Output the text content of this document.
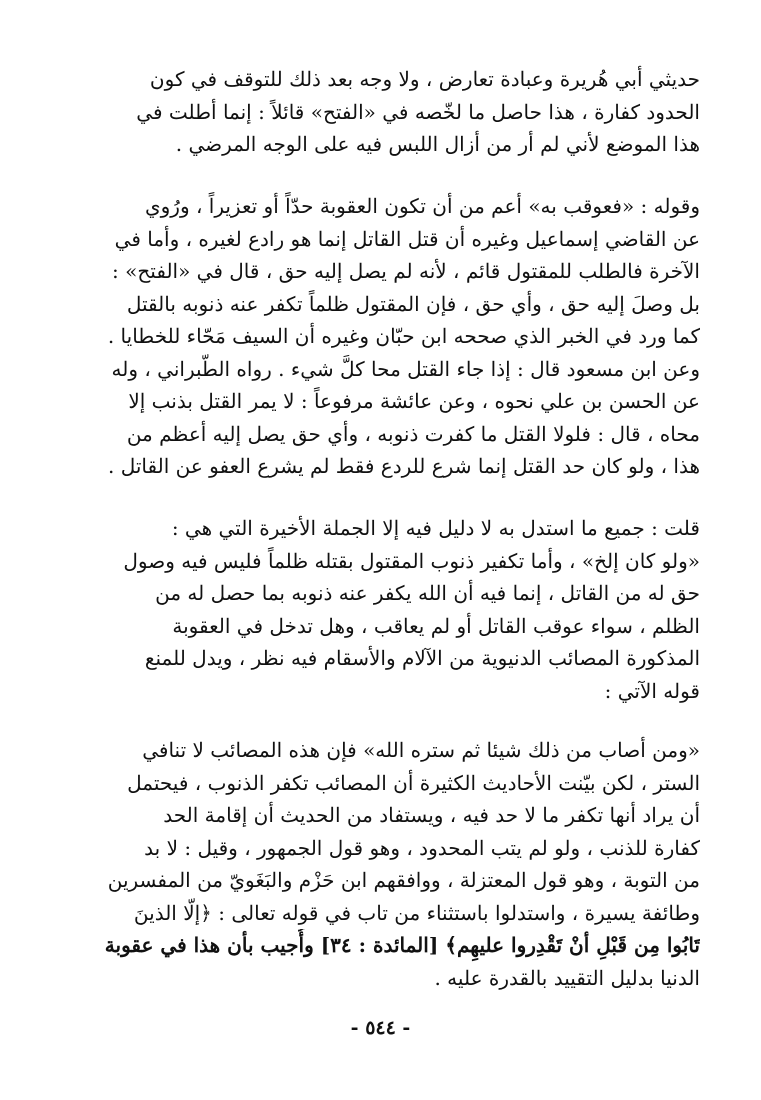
حديثي أبي هُريرة وعبادة تعارض ، ولا وجه بعد ذلك للتوقف في كون
الحدود كفارة ، هذا حاصل ما لخّصه في «الفتح» قائلاً : إنما أطلت في
هذا الموضع لأني لم أر من أزال اللبس فيه على الوجه المرضي .
وقوله : «فعوقب به» أعم من أن تكون العقوبة حدّاً أو تعزيراً ، ورُوي
عن القاضي إسماعيل وغيره أن قتل القاتل إنما هو رادع لغيره ، وأما في
الآخرة فالطلب للمقتول قائم ، لأنه لم يصل إليه حق ، قال في «الفتح» :
بل وصلَ إليه حق ، وأي حق ، فإن المقتول ظلماً تكفر عنه ذنوبه بالقتل
كما ورد في الخبر الذي صححه ابن حبّان وغيره أن السيف مَحّاء للخطايا .
وعن ابن مسعود قال : إذا جاء القتل محا كلَّ شيء . رواه الطّبراني ، وله
عن الحسن بن علي نحوه ، وعن عائشة مرفوعاً : لا يمر القتل بذنب إلا
محاه ، قال : فلولا القتل ما كفرت ذنوبه ، وأي حق يصل إليه أعظم من
هذا ، ولو كان حد القتل إنما شرع للردع فقط لم يشرع العفو عن القاتل .
قلت : جميع ما استدل به لا دليل فيه إلا الجملة الأخيرة التي هي :
«ولو كان إلخ» ، وأما تكفير ذنوب المقتول بقتله ظلماً فليس فيه وصول
حق له من القاتل ، إنما فيه أن الله يكفر عنه ذنوبه بما حصل له من
الظلم ، سواء عوقب القاتل أو لم يعاقب ، وهل تدخل في العقوبة
المذكورة المصائب الدنيوية من الآلام والأسقام فيه نظر ، ويدل للمنع
قوله الآتي :
«ومن أصاب من ذلك شيئا ثم ستره الله» فإن هذه المصائب لا تنافي
الستر ، لكن بيّنت الأحاديث الكثيرة أن المصائب تكفر الذنوب ، فيحتمل
أن يراد أنها تكفر ما لا حد فيه ، ويستفاد من الحديث أن إقامة الحد
كفارة للذنب ، ولو لم يتب المحدود ، وهو قول الجمهور ، وقيل : لا بد
من التوبة ، وهو قول المعتزلة ، ووافقهم ابن حَزْم والبَغَويّ من المفسرين
وطائفة يسيرة ، واستدلوا باستثناء من تاب في قوله تعالى : ﴿إلّا الذينَ
تَابُوا مِن قَبْلِ أنْ تَقْدِروا عليهِم﴾ [المائدة : ٣٤] وأُجيب بأن هذا في عقوبة
الدنيا بدليل التقييد بالقدرة عليه .
- ٥٤٤ -
